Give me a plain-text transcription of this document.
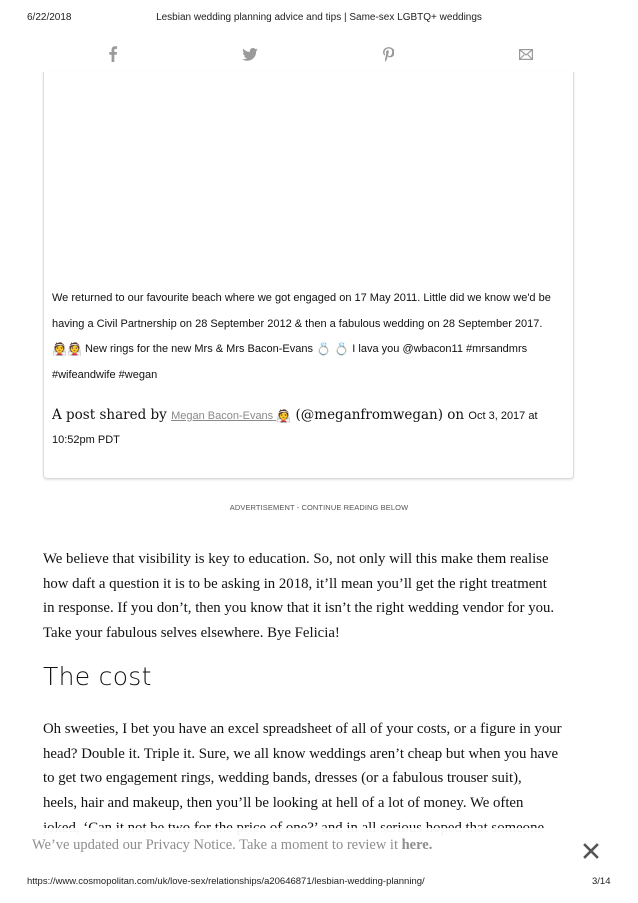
6/22/2018	Lesbian wedding planning advice and tips | Same-sex LGBTQ+ weddings

We returned to our favourite beach where we got engaged on 17 May 2011. Little did we know we'd be

having a Civil Partnership on 28 September 2012 & then a fabulous wedding on 28 September 2017.

👰👰 New rings for the new Mrs & Mrs Bacon-Evans 💍 💍 I lava you @wbacon11 #mrsandmrs

#wifeandwife #wegan

A post shared by Megan Bacon-Evans 👰 (@meganfromwegan) on Oct 3, 2017 at
10:52pm PDT
ADVERTISEMENT - CONTINUE READING BELOW

We believe that visibility is key to education. So, not only will this make them realise

how daft a question it is to be asking in 2018, it’ll mean you’ll get the right treatment

in response. If you don’t, then you know that it isn’t the right wedding vendor for you.

Take your fabulous selves elsewhere. Bye Felicia!

The cost

Oh sweeties, I bet you have an excel spreadsheet of all of your costs, or a figure in your

head? Double it. Triple it. Sure, we all know weddings aren’t cheap but when you have

to get two engagement rings, wedding bands, dresses (or a fabulous trouser suit),

heels, hair and makeup, then you’ll be looking at hell of a lot of money. We often

We’ve updated our Privacy Notice. Take a moment to review it here.
https://www.cosmopolitan.com/uk/love-sex/relationships/a20646871/lesbian-wedding-planning/	3/14
